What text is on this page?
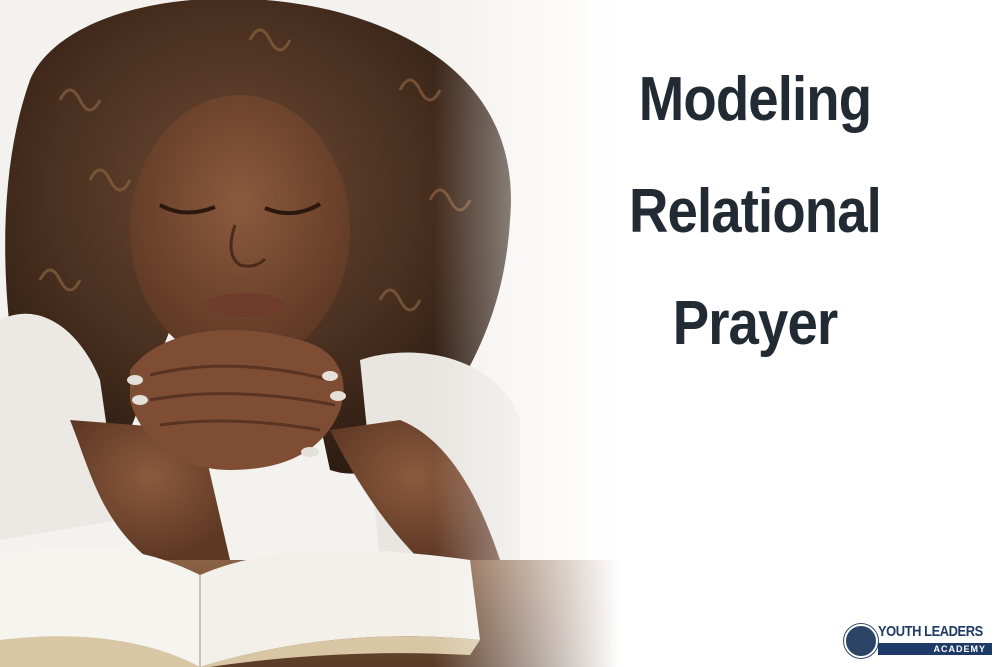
Modeling
Relational
Prayer
YOUTH LEADERS
ACADEMY
